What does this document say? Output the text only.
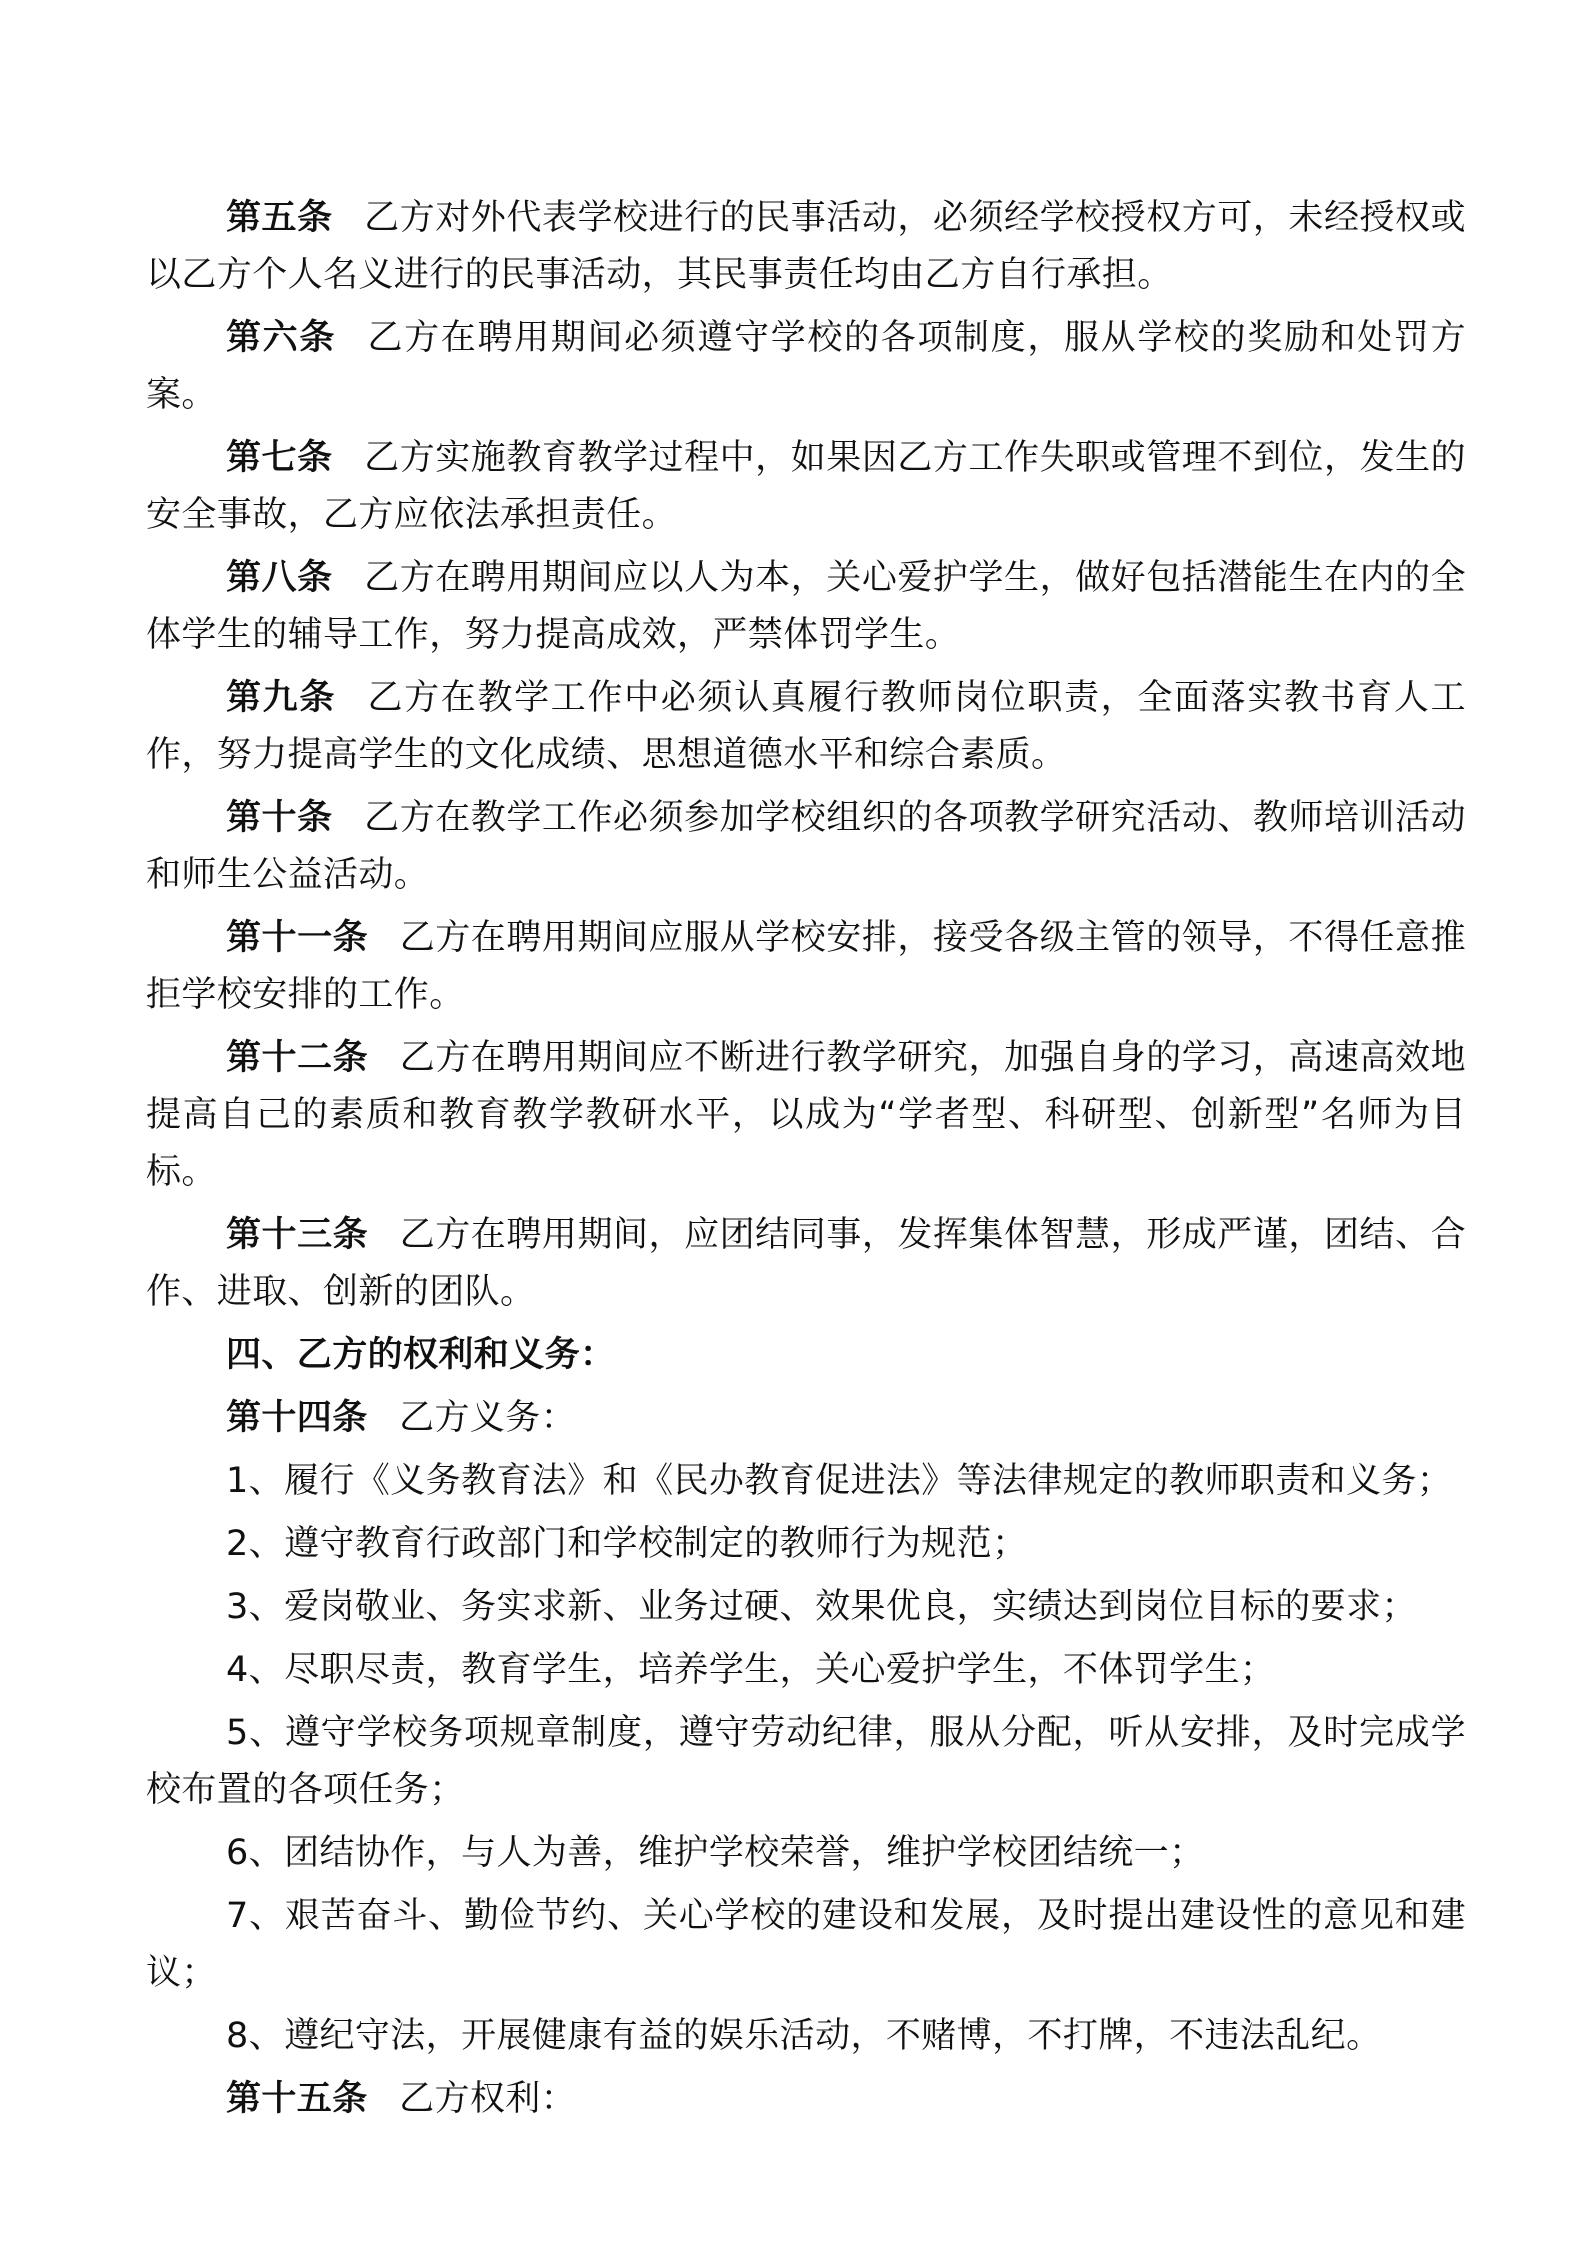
第五条 乙方对外代表学校进行的民事活动，必须经学校授权方可，未经授权或以乙方个人名义进行的民事活动，其民事责任均由乙方自行承担。

第六条 乙方在聘用期间必须遵守学校的各项制度，服从学校的奖励和处罚方案。

第七条 乙方实施教育教学过程中，如果因乙方工作失职或管理不到位，发生的安全事故，乙方应依法承担责任。

第八条 乙方在聘用期间应以人为本，关心爱护学生，做好包括潜能生在内的全体学生的辅导工作，努力提高成效，严禁体罚学生。

第九条 乙方在教学工作中必须认真履行教师岗位职责，全面落实教书育人工作，努力提高学生的文化成绩、思想道德水平和综合素质。

第十条 乙方在教学工作必须参加学校组织的各项教学研究活动、教师培训活动和师生公益活动。

第十一条 乙方在聘用期间应服从学校安排，接受各级主管的领导，不得任意推拒学校安排的工作。

第十二条 乙方在聘用期间应不断进行教学研究，加强自身的学习，高速高效地提高自己的素质和教育教学教研水平，以成为“学者型、科研型、创新型”名师为目标。

第十三条 乙方在聘用期间，应团结同事，发挥集体智慧，形成严谨，团结、合作、进取、创新的团队。

四、乙方的权利和义务：

第十四条 乙方义务：

1、履行《义务教育法》和《民办教育促进法》等法律规定的教师职责和义务；

2、遵守教育行政部门和学校制定的教师行为规范；

3、爱岗敬业、务实求新、业务过硬、效果优良，实绩达到岗位目标的要求；

4、尽职尽责，教育学生，培养学生，关心爱护学生，不体罚学生；

5、遵守学校务项规章制度，遵守劳动纪律，服从分配，听从安排，及时完成学校布置的各项任务；

6、团结协作，与人为善，维护学校荣誉，维护学校团结统一；

7、艰苦奋斗、勤俭节约、关心学校的建设和发展，及时提出建设性的意见和建议；

8、遵纪守法，开展健康有益的娱乐活动，不赌博，不打牌，不违法乱纪。

第十五条 乙方权利：
